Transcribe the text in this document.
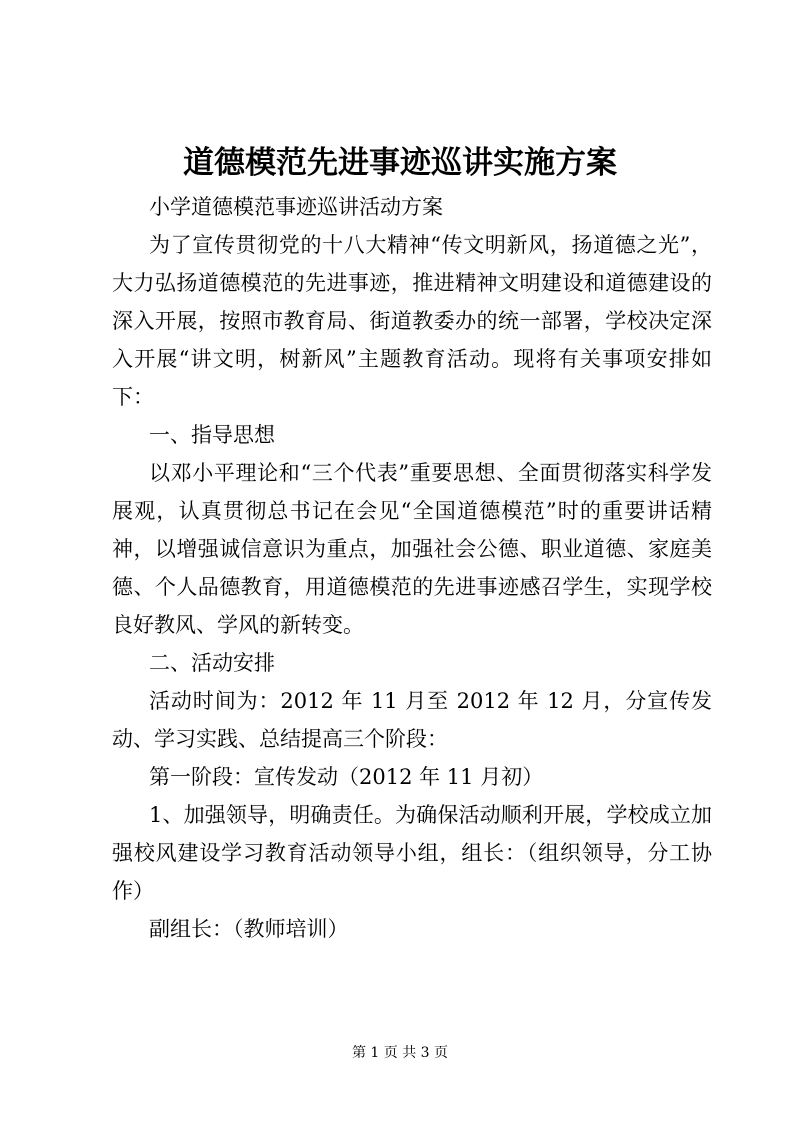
道德模范先进事迹巡讲实施方案

小学道德模范事迹巡讲活动方案

为了宣传贯彻党的十八大精神“传文明新风，扬道德之光”，大力弘扬道德模范的先进事迹，推进精神文明建设和道德建设的深入开展，按照市教育局、街道教委办的统一部署，学校决定深入开展“讲文明，树新风”主题教育活动。现将有关事项安排如下：

一、指导思想

以邓小平理论和“三个代表”重要思想、全面贯彻落实科学发展观，认真贯彻总书记在会见“全国道德模范”时的重要讲话精神，以增强诚信意识为重点，加强社会公德、职业道德、家庭美德、个人品德教育，用道德模范的先进事迹感召学生，实现学校良好教风、学风的新转变。

二、活动安排

活动时间为：2012 年 11 月至 2012 年 12 月，分宣传发动、学习实践、总结提高三个阶段：

第一阶段：宣传发动（2012 年 11 月初）

1、加强领导，明确责任。为确保活动顺利开展，学校成立加强校风建设学习教育活动领导小组，组长：（组织领导，分工协作）

副组长：（教师培训）

第 1 页 共 3 页
